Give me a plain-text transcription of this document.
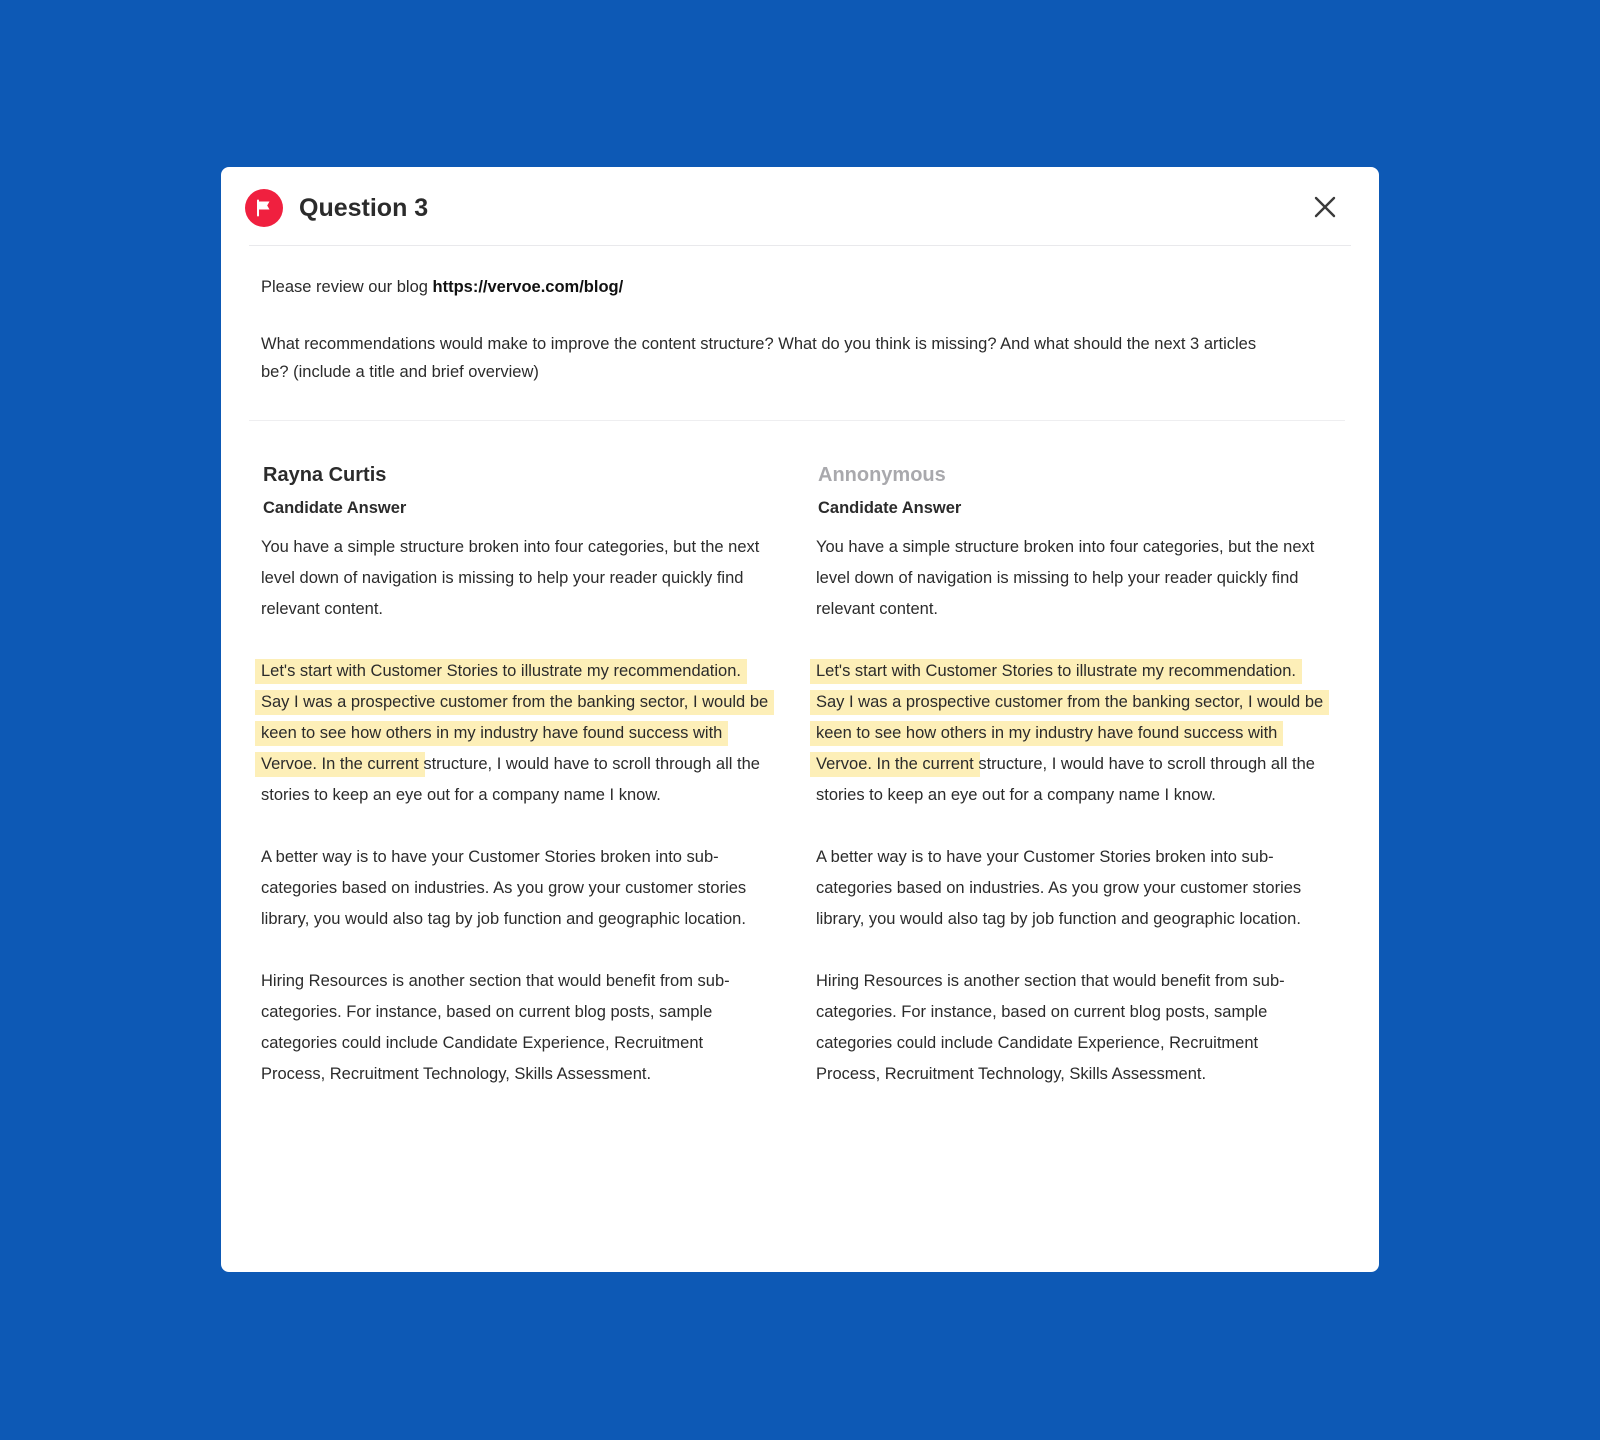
Question 3

Please review our blog https://vervoe.com/blog/

What recommendations would make to improve the content structure? What do you think is missing? And what should the next 3 articles be? (include a title and brief overview)

Rayna Curtis
Candidate Answer

You have a simple structure broken into four categories, but the next level down of navigation is missing to help your reader quickly find relevant content.

Let's start with Customer Stories to illustrate my recommendation. Say I was a prospective customer from the banking sector, I would be keen to see how others in my industry have found success with Vervoe. In the current structure, I would have to scroll through all the stories to keep an eye out for a company name I know.

A better way is to have your Customer Stories broken into sub-categories based on industries. As you grow your customer stories library, you would also tag by job function and geographic location.

Hiring Resources is another section that would benefit from sub-categories. For instance, based on current blog posts, sample categories could include Candidate Experience, Recruitment Process, Recruitment Technology, Skills Assessment.

Annonymous
Candidate Answer

You have a simple structure broken into four categories, but the next level down of navigation is missing to help your reader quickly find relevant content.

Let's start with Customer Stories to illustrate my recommendation. Say I was a prospective customer from the banking sector, I would be keen to see how others in my industry have found success with Vervoe. In the current structure, I would have to scroll through all the stories to keep an eye out for a company name I know.

A better way is to have your Customer Stories broken into sub-categories based on industries. As you grow your customer stories library, you would also tag by job function and geographic location.

Hiring Resources is another section that would benefit from sub-categories. For instance, based on current blog posts, sample categories could include Candidate Experience, Recruitment Process, Recruitment Technology, Skills Assessment.
